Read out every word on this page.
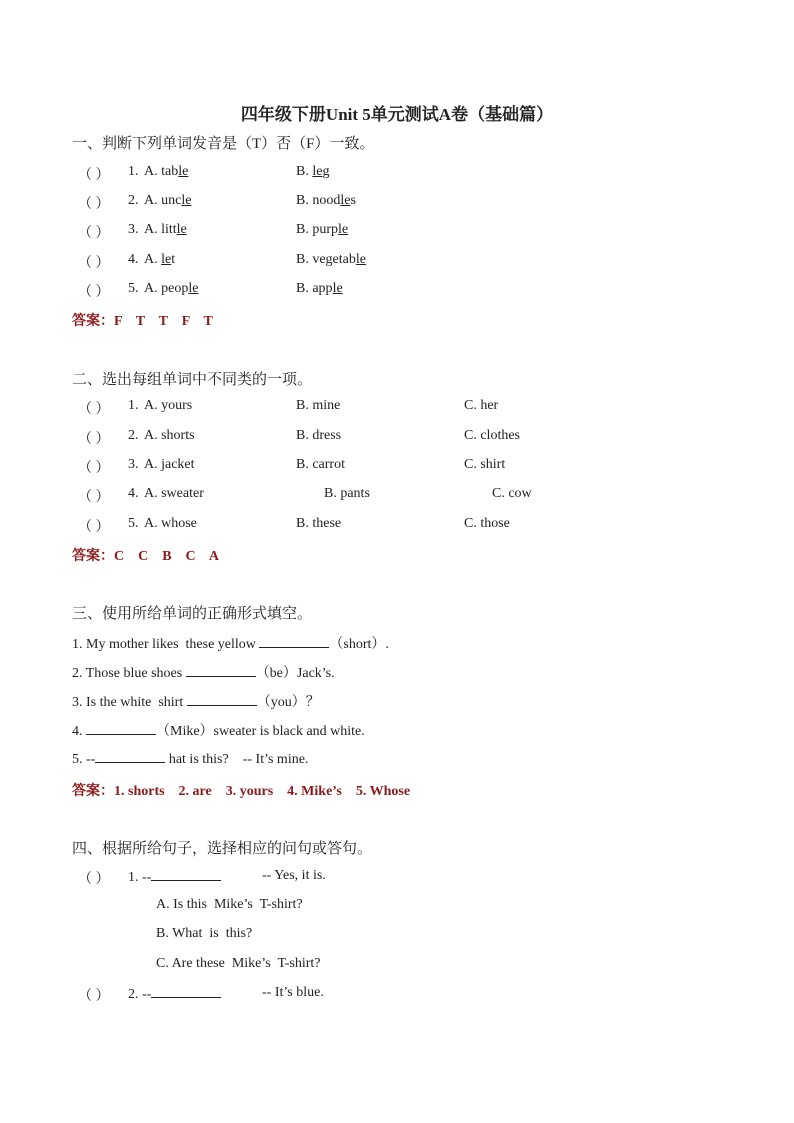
四年级下册Unit 5单元测试A卷（基础篇）
一、判断下列单词发音是（T）否（F）一致。
（ ） 1. A. table	B. leg
（ ） 2. A. uncle	B. noodles
（ ） 3. A. little	B. purple
（ ） 4. A. let	B. vegetable
（ ） 5. A. people	B. apple
答案：F    T    T    F    T
二、选出每组单词中不同类的一项。
（ ） 1. A. yours	B. mine	C. her
（ ） 2. A. shorts	B. dress	C. clothes
（ ） 3. A. jacket	B. carrot	C. shirt
（ ） 4. A. sweater	B. pants	C. cow
（ ） 5. A. whose	B. these	C. those
答案：C    C    B    C    A
三、使用所给单词的正确形式填空。
1. My mother likes  these yellow	（short）.
2. Those blue shoes	（be）Jack’s.
3. Is the white  shirt	（you）？
4.	（Mike）sweater is black and white.
5. --	hat is this?    -- It’s mine.
答案：1. shorts    2. are    3. yours    4. Mike’s    5. Whose
四、根据所给句子，选择相应的问句或答句。
（ ） 1. --	-- Yes, it is.
A. Is this  Mike’s  T-shirt?
B. What  is  this?
C. Are these  Mike’s  T-shirt?
（ ） 2. --	-- It’s blue.
